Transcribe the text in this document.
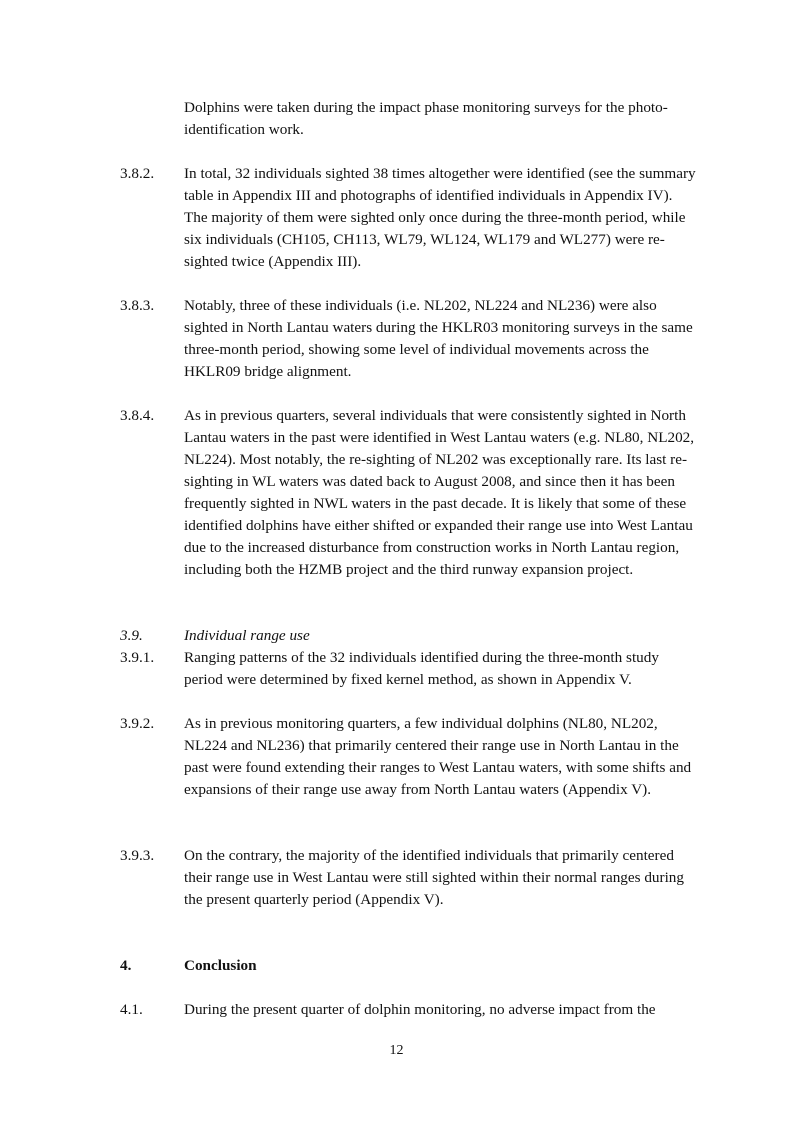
Dolphins were taken during the impact phase monitoring surveys for the photo-identification work.
3.8.2.	In total, 32 individuals sighted 38 times altogether were identified (see the summary table in Appendix III and photographs of identified individuals in Appendix IV). The majority of them were sighted only once during the three-month period, while six individuals (CH105, CH113, WL79, WL124, WL179 and WL277) were re-sighted twice (Appendix III).
3.8.3.	Notably, three of these individuals (i.e. NL202, NL224 and NL236) were also sighted in North Lantau waters during the HKLR03 monitoring surveys in the same three-month period, showing some level of individual movements across the HKLR09 bridge alignment.
3.8.4.	As in previous quarters, several individuals that were consistently sighted in North Lantau waters in the past were identified in West Lantau waters (e.g. NL80, NL202, NL224). Most notably, the re-sighting of NL202 was exceptionally rare. Its last re-sighting in WL waters was dated back to August 2008, and since then it has been frequently sighted in NWL waters in the past decade. It is likely that some of these identified dolphins have either shifted or expanded their range use into West Lantau due to the increased disturbance from construction works in North Lantau region, including both the HZMB project and the third runway expansion project.
3.9.	Individual range use
3.9.1.	Ranging patterns of the 32 individuals identified during the three-month study period were determined by fixed kernel method, as shown in Appendix V.
3.9.2.	As in previous monitoring quarters, a few individual dolphins (NL80, NL202, NL224 and NL236) that primarily centered their range use in North Lantau in the past were found extending their ranges to West Lantau waters, with some shifts and expansions of their range use away from North Lantau waters (Appendix V).
3.9.3.	On the contrary, the majority of the identified individuals that primarily centered their range use in West Lantau were still sighted within their normal ranges during the present quarterly period (Appendix V).
4.	Conclusion
4.1.	During the present quarter of dolphin monitoring, no adverse impact from the
12
